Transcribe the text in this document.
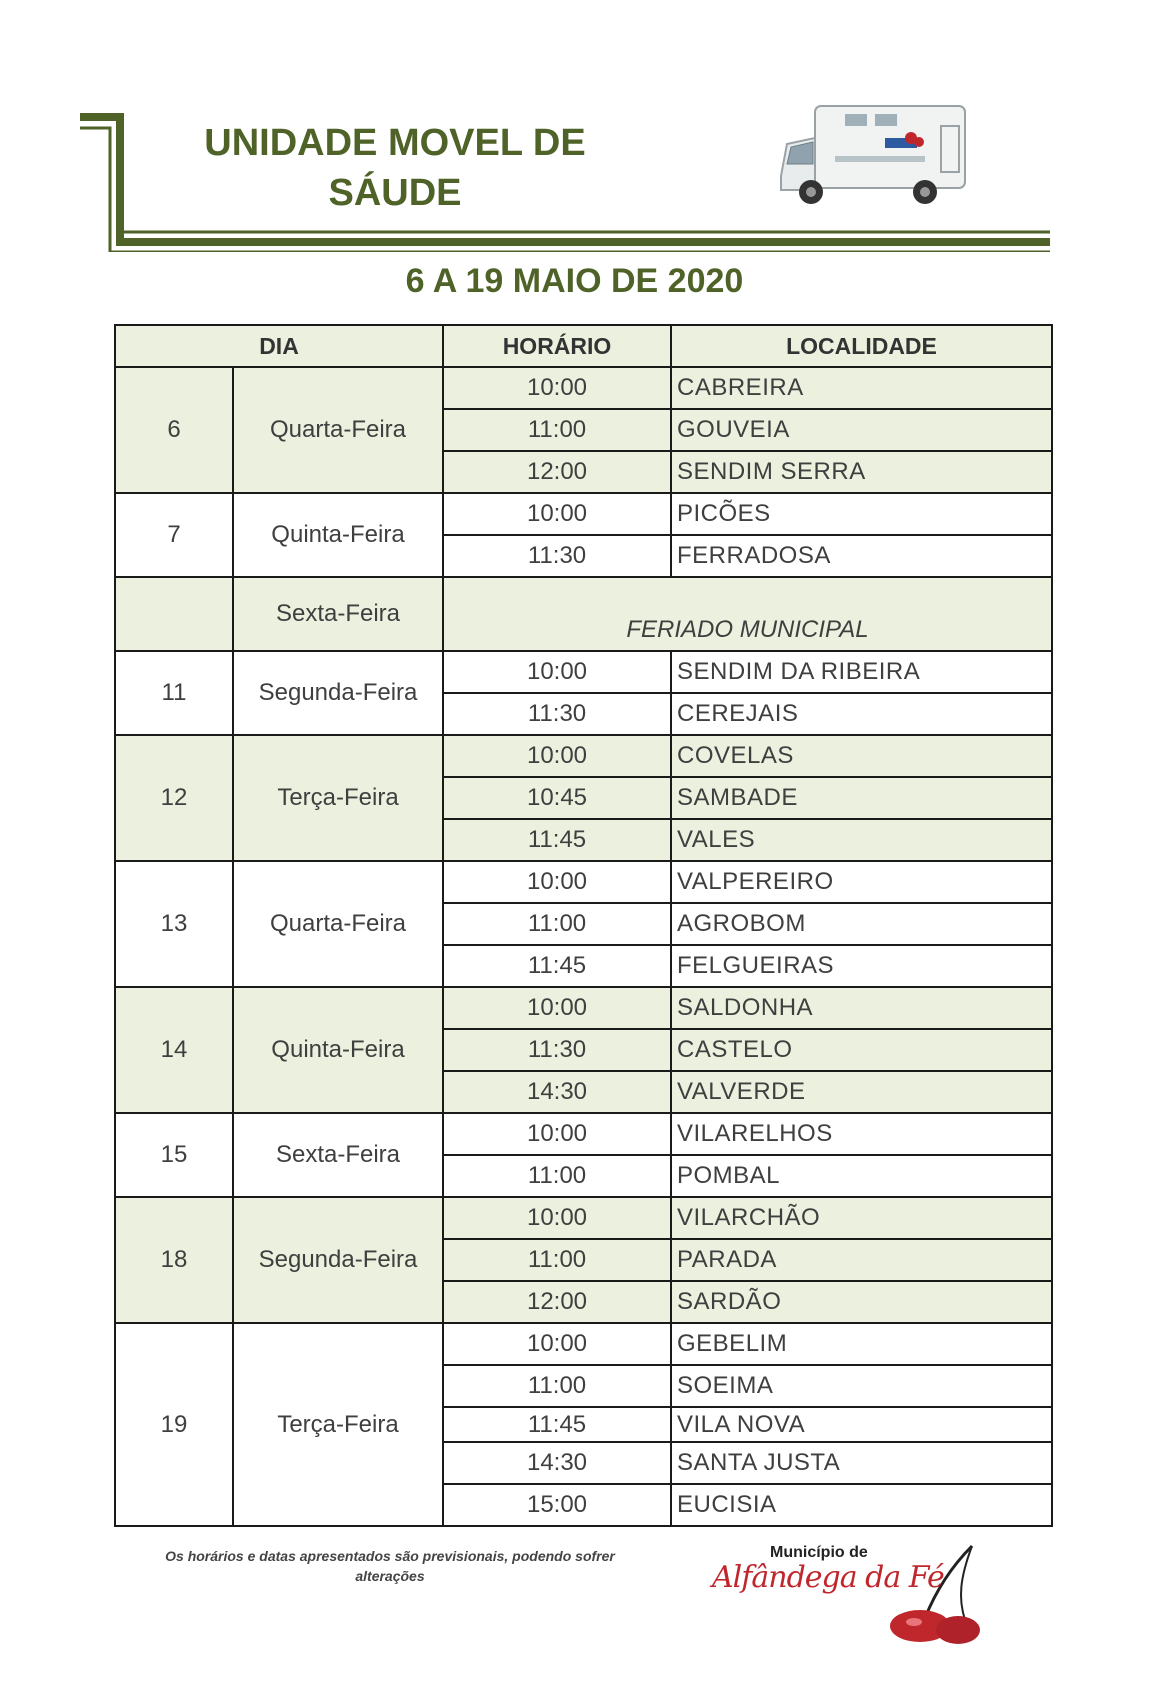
UNIDADE MOVEL DE
SÁUDE
6 A 19 MAIO DE 2020
DIA		HORÁRIO	LOCALIDADE
6	Quarta-Feira	10:00	CABREIRA
		11:00	GOUVEIA
		12:00	SENDIM SERRA
7	Quinta-Feira	10:00	PICÕES
		11:30	FERRADOSA
	Sexta-Feira	FERIADO MUNICIPAL	
11	Segunda-Feira	10:00	SENDIM DA RIBEIRA
		11:30	CEREJAIS
12	Terça-Feira	10:00	COVELAS
		10:45	SAMBADE
		11:45	VALES
13	Quarta-Feira	10:00	VALPEREIRO
		11:00	AGROBOM
		11:45	FELGUEIRAS
14	Quinta-Feira	10:00	SALDONHA
		11:30	CASTELO
		14:30	VALVERDE
15	Sexta-Feira	10:00	VILARELHOS
		11:00	POMBAL
18	Segunda-Feira	10:00	VILARCHÃO
		11:00	PARADA
		12:00	SARDÃO
19	Terça-Feira	10:00	GEBELIM
		11:00	SOEIMA
		11:45	VILA NOVA
		14:30	SANTA JUSTA
		15:00	EUCISIA
Os horários e datas apresentados são previsionais, podendo sofrer alterações
Município de
Alfândega da Fé
